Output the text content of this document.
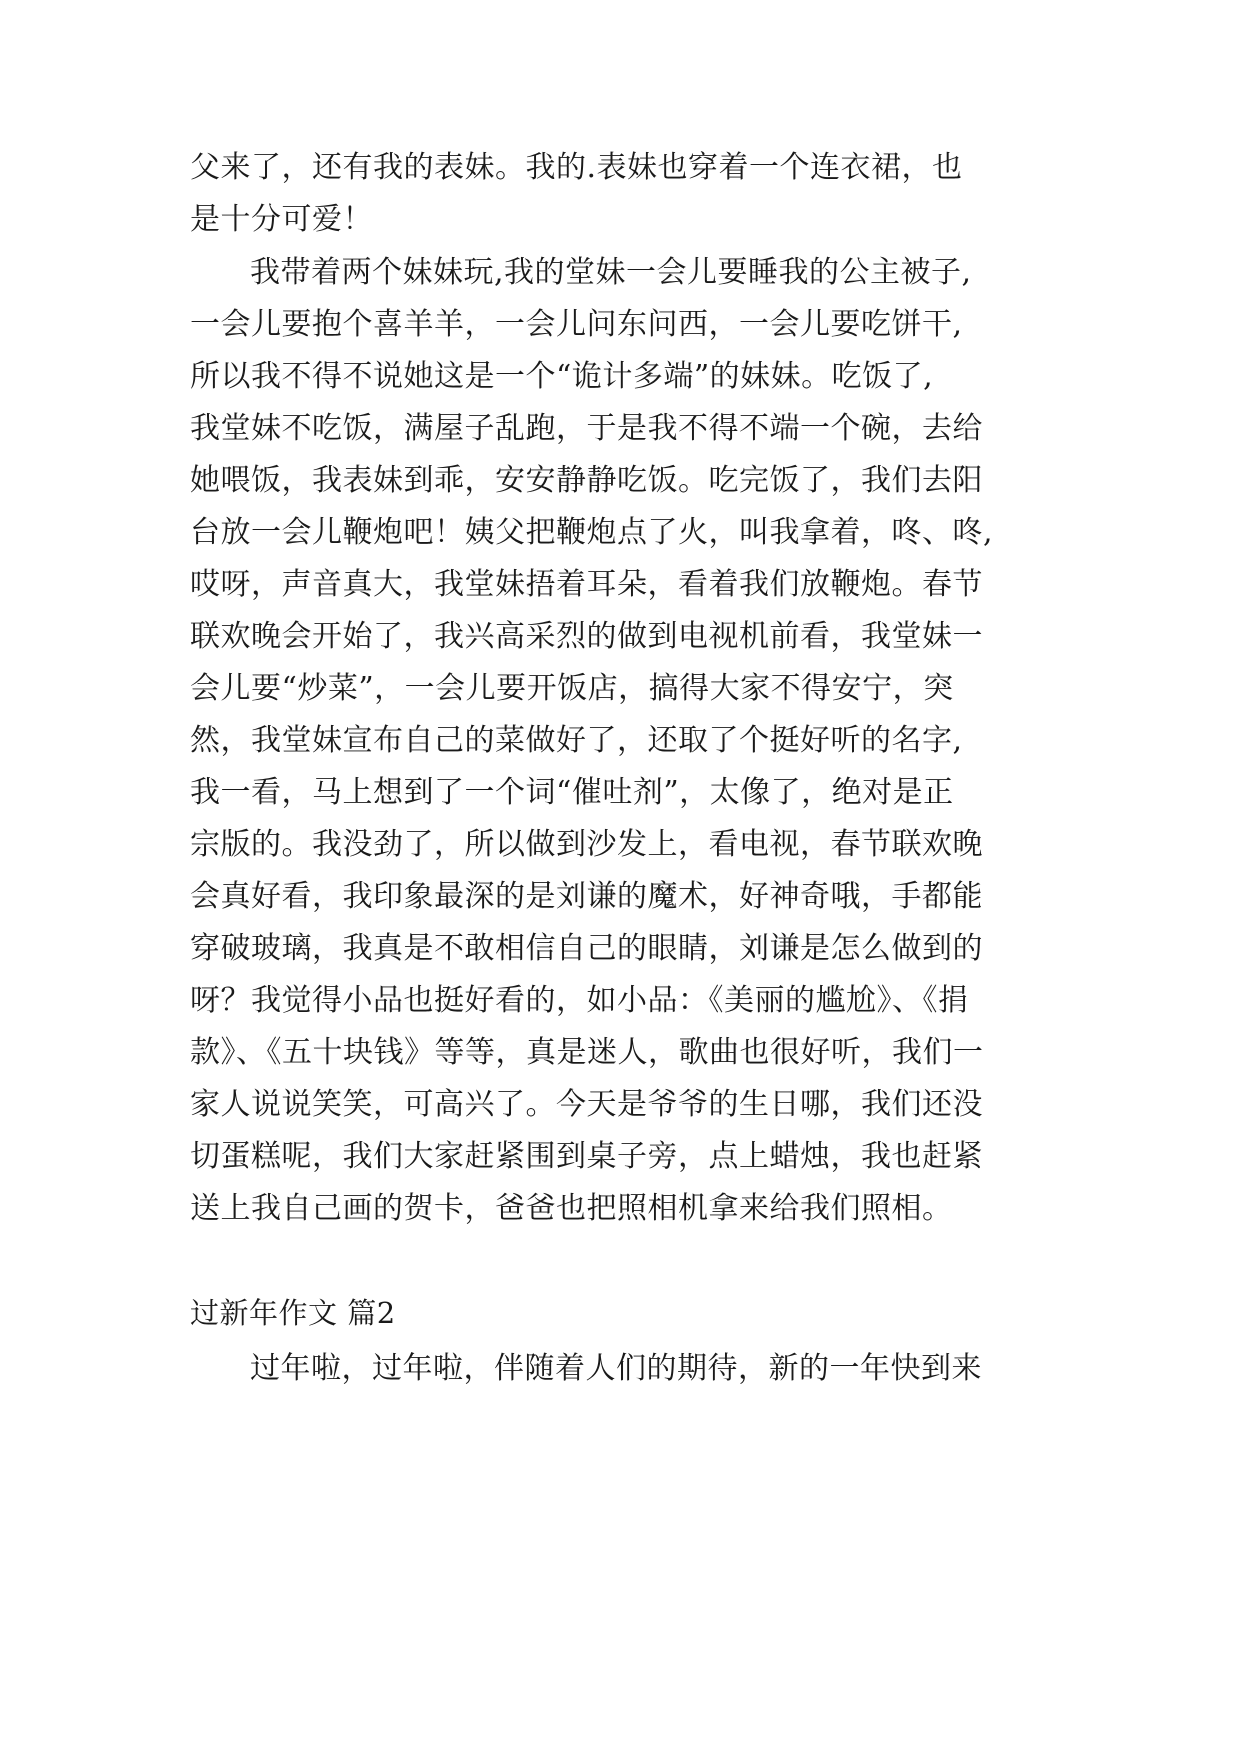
父来了，还有我的表妹。我的.表妹也穿着一个连衣裙，也
是十分可爱！
我带着两个妹妹玩,我的堂妹一会儿要睡我的公主被子,
一会儿要抱个喜羊羊，一会儿问东问西，一会儿要吃饼干,
所以我不得不说她这是一个“诡计多端”的妹妹。吃饭了,
我堂妹不吃饭，满屋子乱跑，于是我不得不端一个碗，去给
她喂饭，我表妹到乖，安安静静吃饭。吃完饭了，我们去阳
台放一会儿鞭炮吧！姨父把鞭炮点了火，叫我拿着，咚、咚,
哎呀，声音真大，我堂妹捂着耳朵，看着我们放鞭炮。春节
联欢晚会开始了，我兴高采烈的做到电视机前看，我堂妹一
会儿要“炒菜”，一会儿要开饭店，搞得大家不得安宁，突
然，我堂妹宣布自己的菜做好了，还取了个挺好听的名字,
我一看，马上想到了一个词“催吐剂”，太像了，绝对是正
宗版的。我没劲了，所以做到沙发上，看电视，春节联欢晚
会真好看，我印象最深的是刘谦的魔术，好神奇哦，手都能
穿破玻璃，我真是不敢相信自己的眼睛，刘谦是怎么做到的
呀？我觉得小品也挺好看的，如小品：《美丽的尴尬》、《捐
款》、《五十块钱》等等，真是迷人，歌曲也很好听，我们一
家人说说笑笑，可高兴了。今天是爷爷的生日哪，我们还没
切蛋糕呢，我们大家赶紧围到桌子旁，点上蜡烛，我也赶紧
送上我自己画的贺卡，爸爸也把照相机拿来给我们照相。
过新年作文 篇2
过年啦，过年啦，伴随着人们的期待，新的一年快到来
